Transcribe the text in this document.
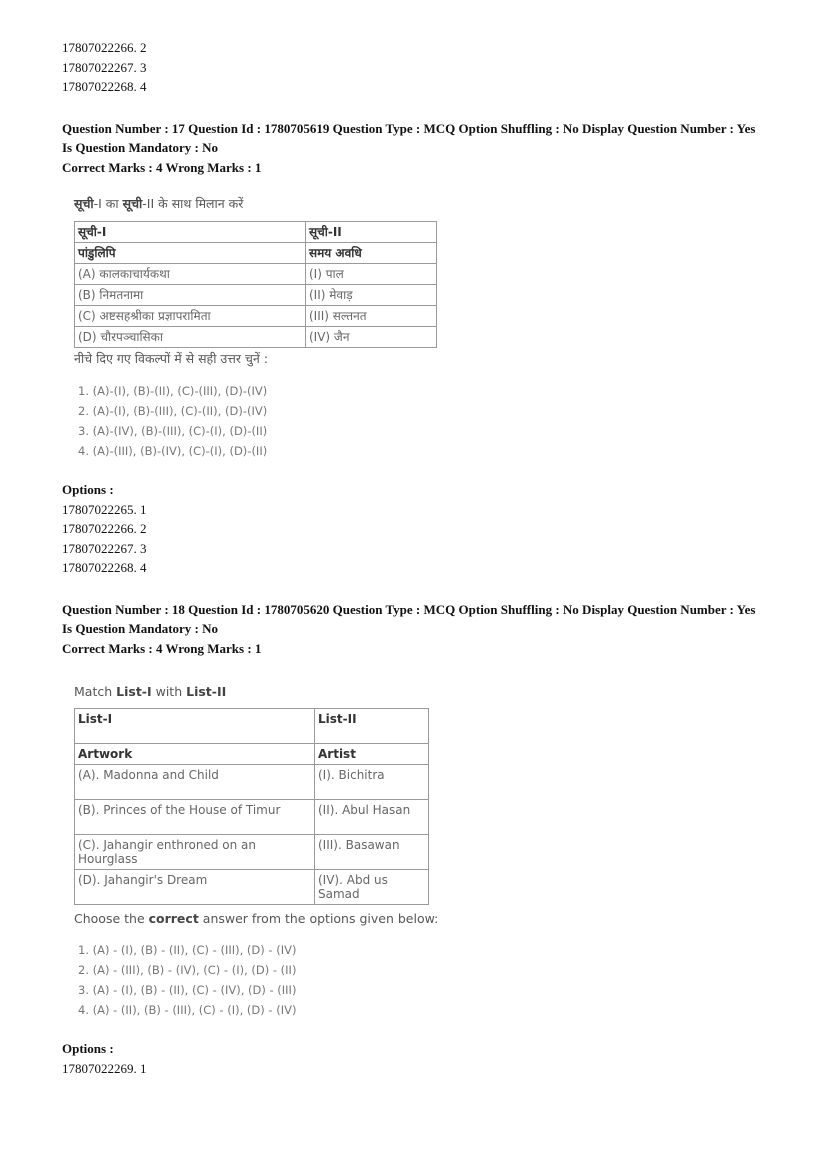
17807022266. 2
17807022267. 3
17807022268. 4
Question Number : 17 Question Id : 1780705619 Question Type : MCQ Option Shuffling : No Display Question Number : Yes
Is Question Mandatory : No
Correct Marks : 4 Wrong Marks : 1
सूची-I का सूची-II के साथ मिलान करें
सूची-I	सूची-II
पांडुलिपि	समय अवधि
(A) कालकाचार्यकथा	(I) पाल
(B) निमतनामा	(II) मेवाड़
(C) अष्टसहश्रीका प्रज्ञापरामिता	(III) सल्तनत
(D) चौरपञ्चासिका	(IV) जैन
नीचे दिए गए विकल्पों में से सही उत्तर चुनें :
1. (A)-(I), (B)-(II), (C)-(III), (D)-(IV)
2. (A)-(I), (B)-(III), (C)-(II), (D)-(IV)
3. (A)-(IV), (B)-(III), (C)-(I), (D)-(II)
4. (A)-(III), (B)-(IV), (C)-(I), (D)-(II)
Options :
17807022265. 1
17807022266. 2
17807022267. 3
17807022268. 4
Question Number : 18 Question Id : 1780705620 Question Type : MCQ Option Shuffling : No Display Question Number : Yes
Is Question Mandatory : No
Correct Marks : 4 Wrong Marks : 1
Match List-I with List-II
List-I	List-II
Artwork	Artist
(A). Madonna and Child	(I). Bichitra
(B). Princes of the House of Timur	(II). Abul Hasan
(C). Jahangir enthroned on an Hourglass	(III). Basawan
(D). Jahangir's Dream	(IV). Abd us Samad
Choose the correct answer from the options given below:
1. (A) - (I), (B) - (II), (C) - (III), (D) - (IV)
2. (A) - (III), (B) - (IV), (C) - (I), (D) - (II)
3. (A) - (I), (B) - (II), (C) - (IV), (D) - (III)
4. (A) - (II), (B) - (III), (C) - (I), (D) - (IV)
Options :
17807022269. 1
